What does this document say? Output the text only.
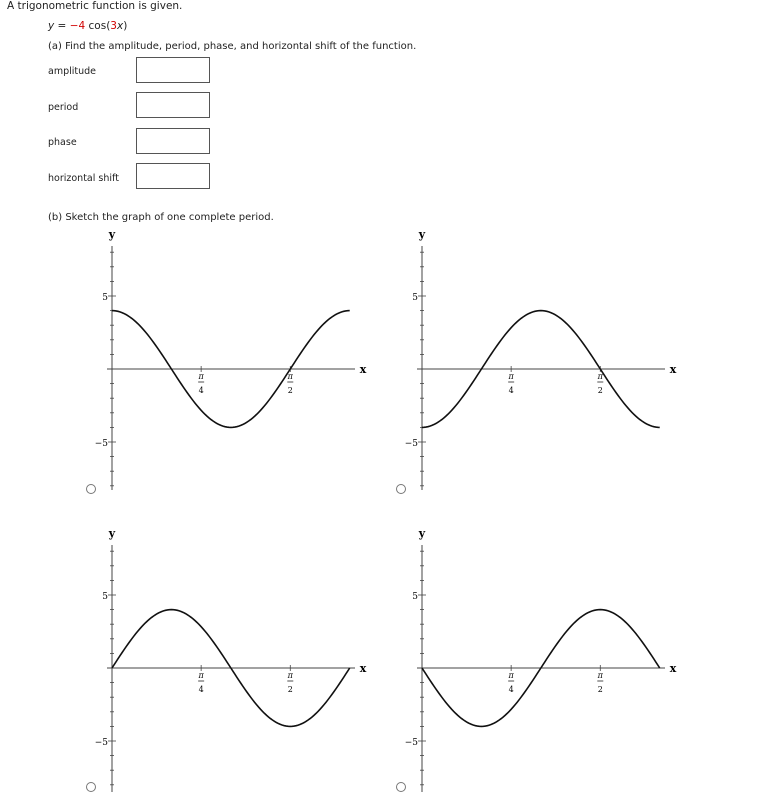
A trigonometric function is given.
y = −4 cos(3x)
(a) Find the amplitude, period, phase, and horizontal shift of the function.
amplitude
period
phase
horizontal shift
(b) Sketch the graph of one complete period.
y
x
5
−5
π
4
π
2
y
x
5
−5
π
4
π
2
y
x
5
−5
π
4
π
2
y
x
5
−5
π
4
π
2
